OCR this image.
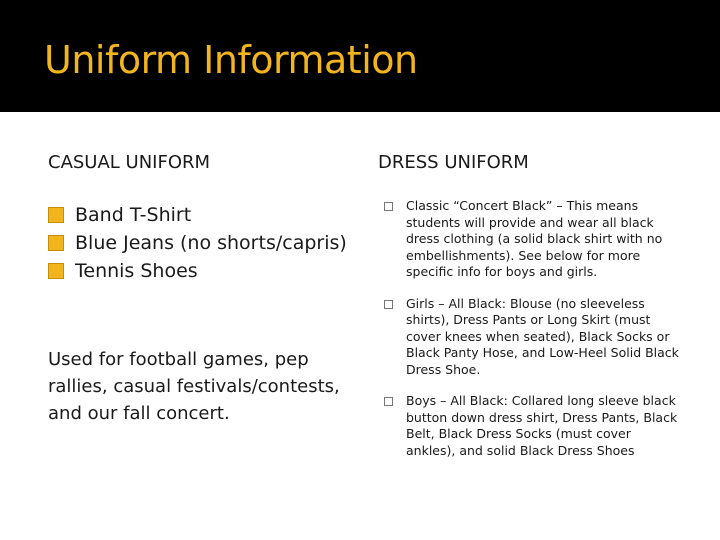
Uniform Information
CASUAL UNIFORM	DRESS UNIFORM
Band T-Shirt
Blue Jeans (no shorts/capris)
Tennis Shoes
Used for football games, pep rallies, casual festivals/contests, and our fall concert.
Classic “Concert Black” – This means students will provide and wear all black dress clothing (a solid black shirt with no embellishments). See below for more specific info for boys and girls.
Girls – All Black: Blouse (no sleeveless shirts), Dress Pants or Long Skirt (must cover knees when seated), Black Socks or Black Panty Hose, and Low-Heel Solid Black Dress Shoe.
Boys – All Black: Collared long sleeve black button down dress shirt, Dress Pants, Black Belt, Black Dress Socks (must cover ankles), and solid Black Dress Shoes
